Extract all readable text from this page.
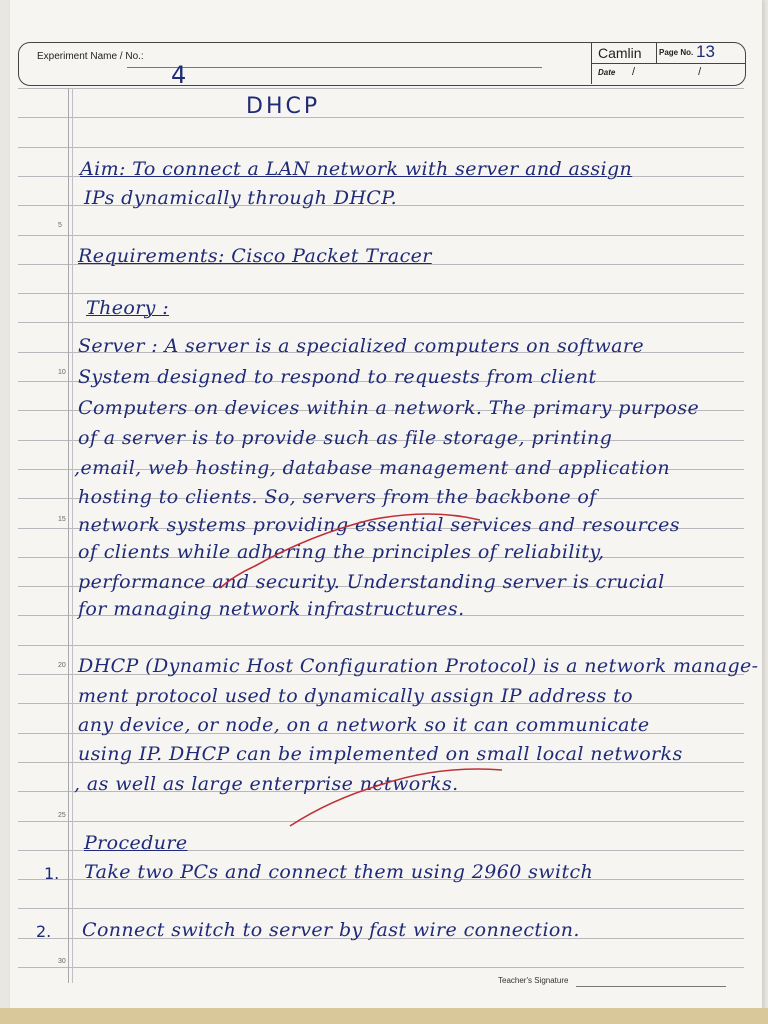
5
10
15
20
25
30
Experiment Name / No.:
4
Camlin Page No. 13
Date / /
DHCP
Aim: To connect a LAN network with server and assign
IPs dynamically through DHCP.
Requirements: Cisco Packet Tracer
Theory :
Server : A server is a specialized computers on software
System designed to respond to requests from client
Computers on devices within a network. The primary purpose
of a server is to provide such as file storage, printing
,email, web hosting, database management and application
hosting to clients. So, servers from the backbone of
network systems providing essential services and resources
of clients while adhering the principles of reliability,
performance and security. Understanding server is crucial
for managing network infrastructures.
DHCP (Dynamic Host Configuration Protocol) is a network manage-
ment protocol used to dynamically assign IP address to
any device, or node, on a network so it can communicate
using IP. DHCP can be implemented on small local networks
, as well as large enterprise networks.
Procedure
1. Take two PCs and connect them using 2960 switch
2. Connect switch to server by fast wire connection.
Teacher's Signature
